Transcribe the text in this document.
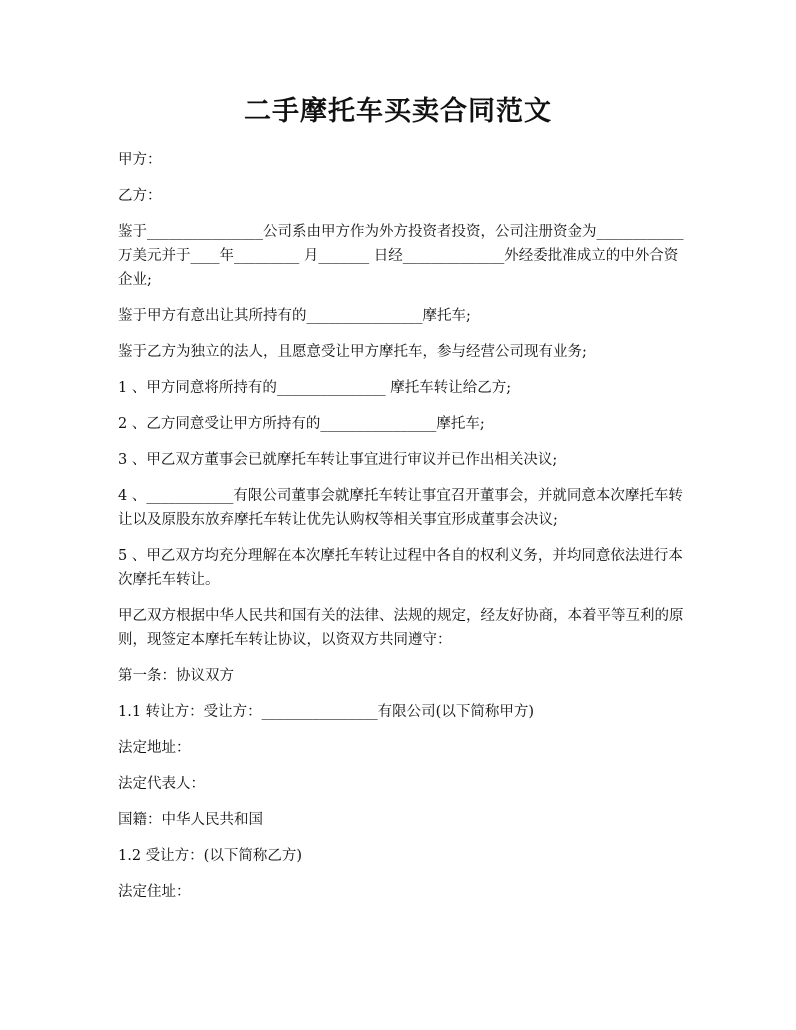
二手摩托车买卖合同范文

甲方：

乙方：

鉴于________________公司系由甲方作为外方投资者投资，公司注册资金为____________万美元并于____年_________ 月_______ 日经______________外经委批准成立的中外合资企业;

鉴于甲方有意出让其所持有的________________摩托车;

鉴于乙方为独立的法人，且愿意受让甲方摩托车，参与经营公司现有业务;

1 、甲方同意将所持有的_______________ 摩托车转让给乙方;

2 、乙方同意受让甲方所持有的________________摩托车;

3 、甲乙双方董事会已就摩托车转让事宜进行审议并已作出相关决议;

4 、____________有限公司董事会就摩托车转让事宜召开董事会，并就同意本次摩托车转让以及原股东放弃摩托车转让优先认购权等相关事宜形成董事会决议;

5 、甲乙双方均充分理解在本次摩托车转让过程中各自的权利义务，并均同意依法进行本次摩托车转让。

甲乙双方根据中华人民共和国有关的法律、法规的规定，经友好协商，本着平等互利的原则，现签定本摩托车转让协议，以资双方共同遵守：

第一条：协议双方

1.1 转让方：受让方：________________有限公司(以下简称甲方)

法定地址：

法定代表人：

国籍：中华人民共和国

1.2 受让方：(以下简称乙方)

法定住址：
